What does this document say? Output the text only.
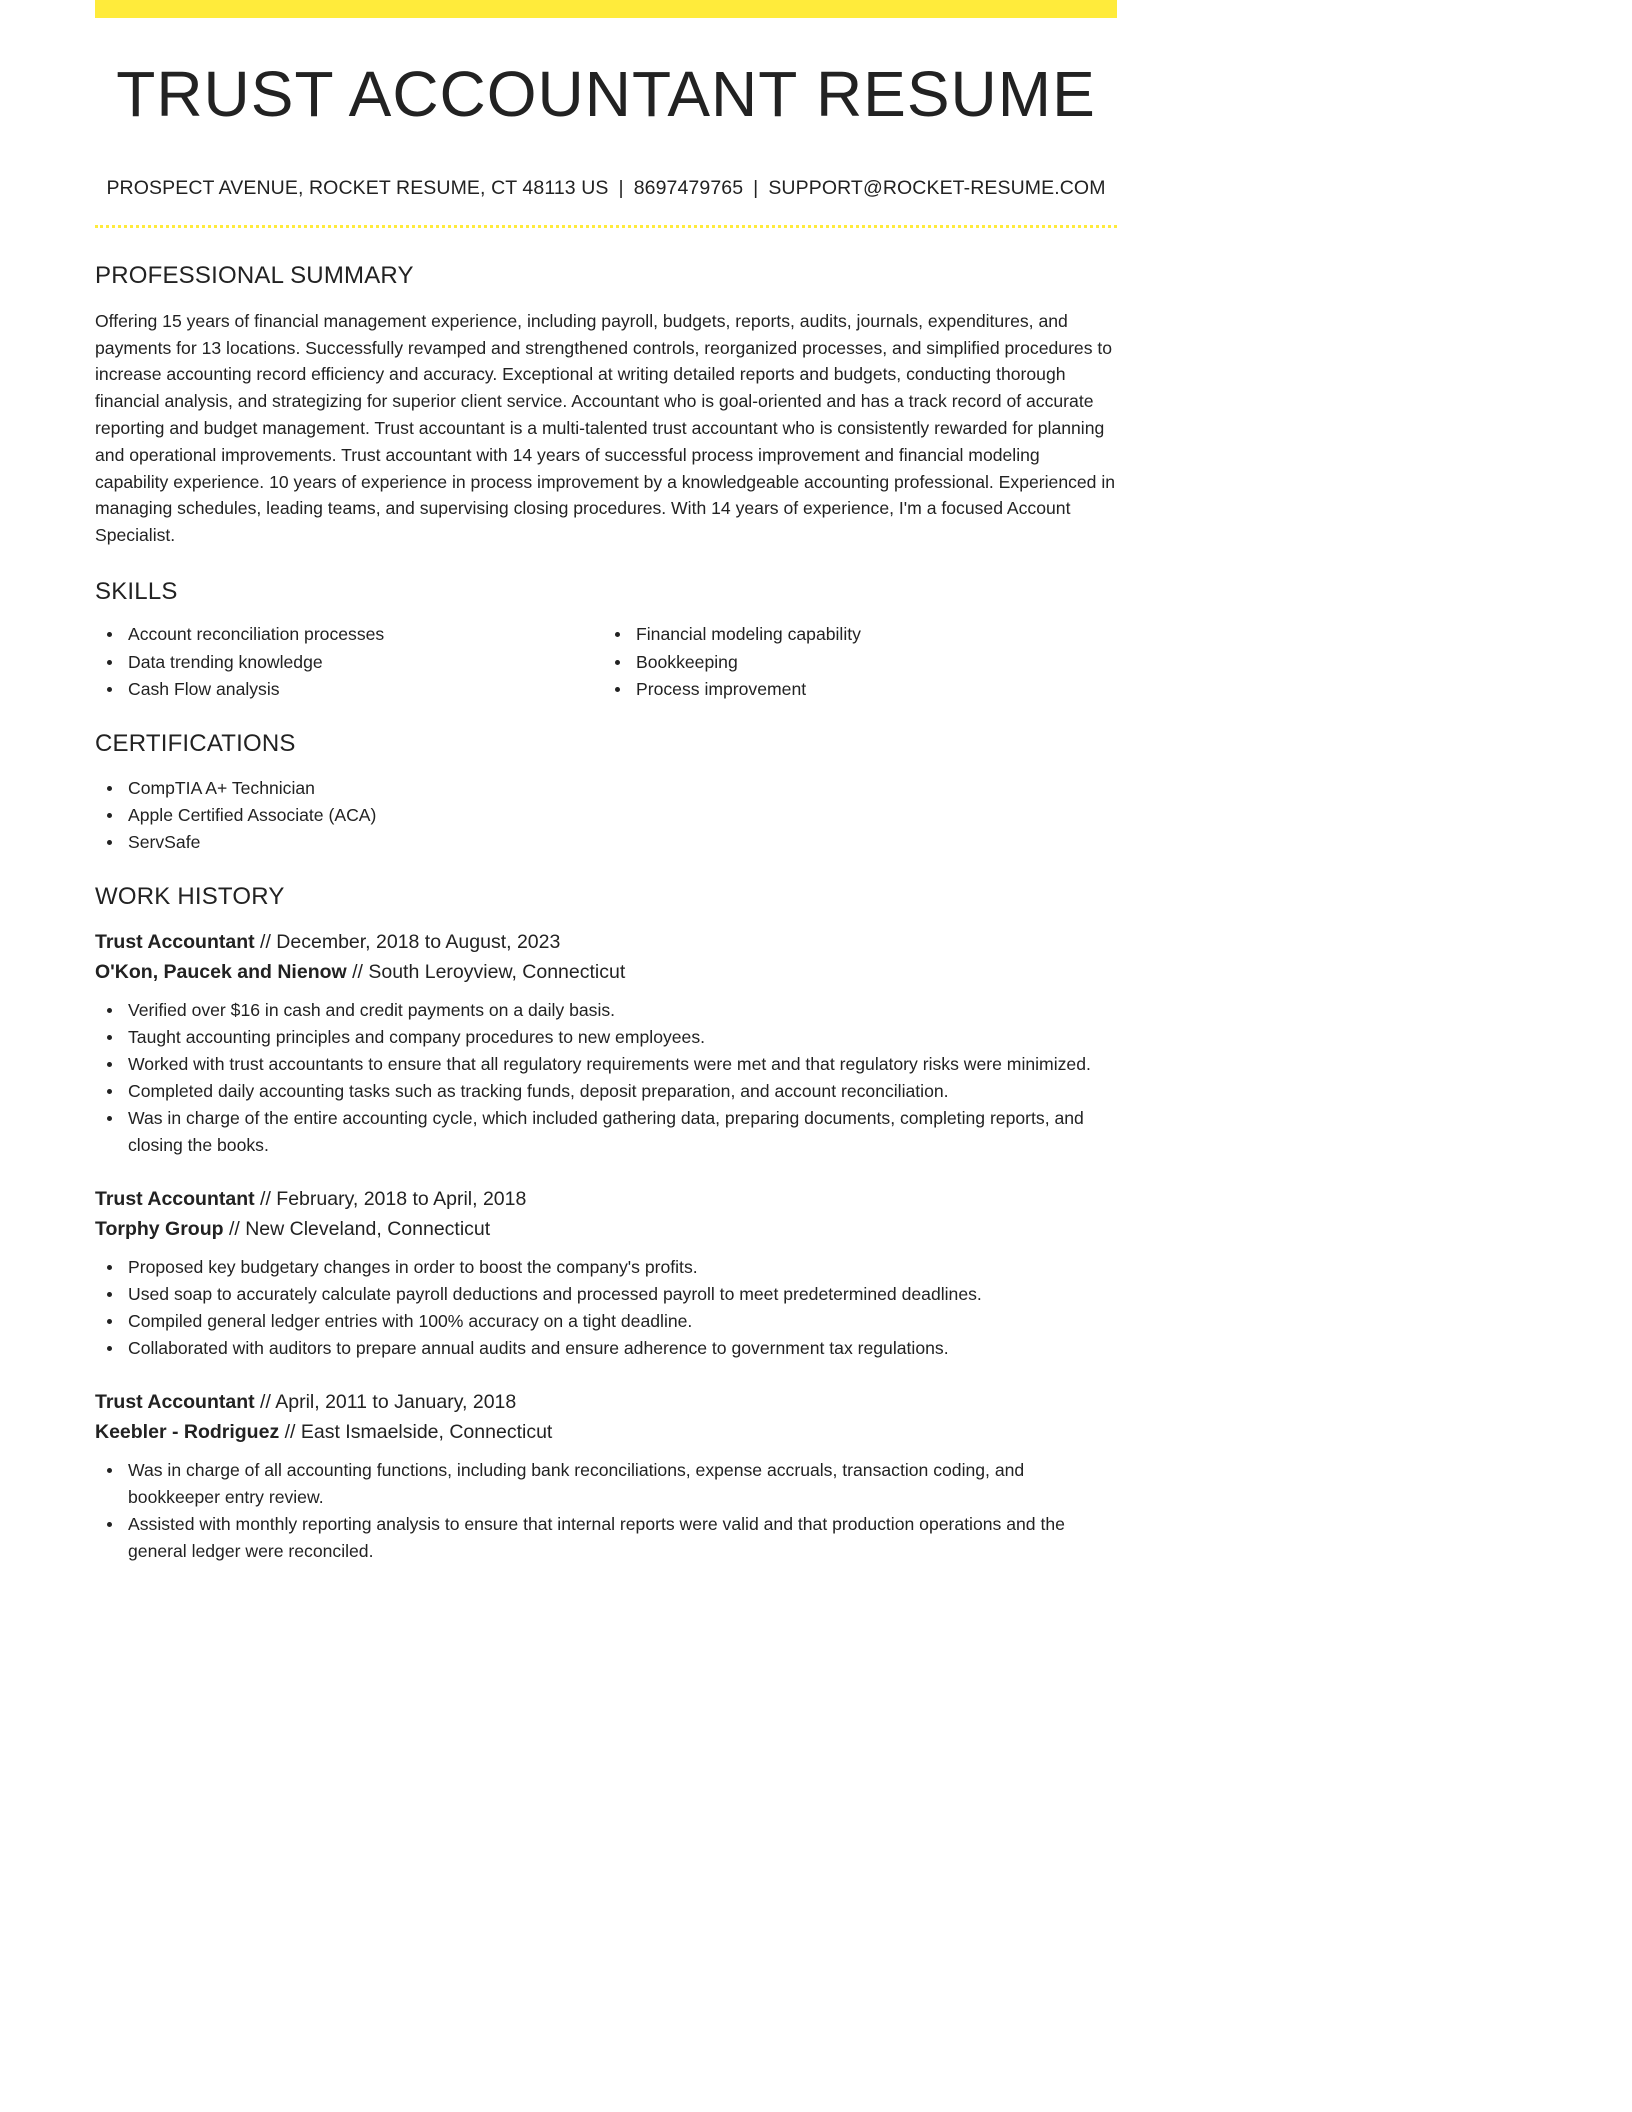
TRUST ACCOUNTANT RESUME
PROSPECT AVENUE, ROCKET RESUME, CT 48113 US | 8697479765 | SUPPORT@ROCKET-RESUME.COM
PROFESSIONAL SUMMARY

Offering 15 years of financial management experience, including payroll, budgets, reports, audits, journals, expenditures, and payments for 13 locations. Successfully revamped and strengthened controls, reorganized processes, and simplified procedures to increase accounting record efficiency and accuracy. Exceptional at writing detailed reports and budgets, conducting thorough financial analysis, and strategizing for superior client service. Accountant who is goal-oriented and has a track record of accurate reporting and budget management. Trust accountant is a multi-talented trust accountant who is consistently rewarded for planning and operational improvements. Trust accountant with 14 years of successful process improvement and financial modeling capability experience. 10 years of experience in process improvement by a knowledgeable accounting professional. Experienced in managing schedules, leading teams, and supervising closing procedures. With 14 years of experience, I'm a focused Account Specialist.

SKILLS
Account reconciliation processes
Data trending knowledge
Cash Flow analysis
Financial modeling capability
Bookkeeping
Process improvement
CERTIFICATIONS
CompTIA A+ Technician
Apple Certified Associate (ACA)
ServSafe
WORK HISTORY
Trust Accountant // December, 2018 to August, 2023
O'Kon, Paucek and Nienow // South Leroyview, Connecticut
Verified over $16 in cash and credit payments on a daily basis.
Taught accounting principles and company procedures to new employees.
Worked with trust accountants to ensure that all regulatory requirements were met and that regulatory risks were minimized.
Completed daily accounting tasks such as tracking funds, deposit preparation, and account reconciliation.
Was in charge of the entire accounting cycle, which included gathering data, preparing documents, completing reports, and closing the books.
Trust Accountant // February, 2018 to April, 2018
Torphy Group // New Cleveland, Connecticut
Proposed key budgetary changes in order to boost the company's profits.
Used soap to accurately calculate payroll deductions and processed payroll to meet predetermined deadlines.
Compiled general ledger entries with 100% accuracy on a tight deadline.
Collaborated with auditors to prepare annual audits and ensure adherence to government tax regulations.
Trust Accountant // April, 2011 to January, 2018
Keebler - Rodriguez // East Ismaelside, Connecticut
Was in charge of all accounting functions, including bank reconciliations, expense accruals, transaction coding, and bookkeeper entry review.
Assisted with monthly reporting analysis to ensure that internal reports were valid and that production operations and the general ledger were reconciled.
